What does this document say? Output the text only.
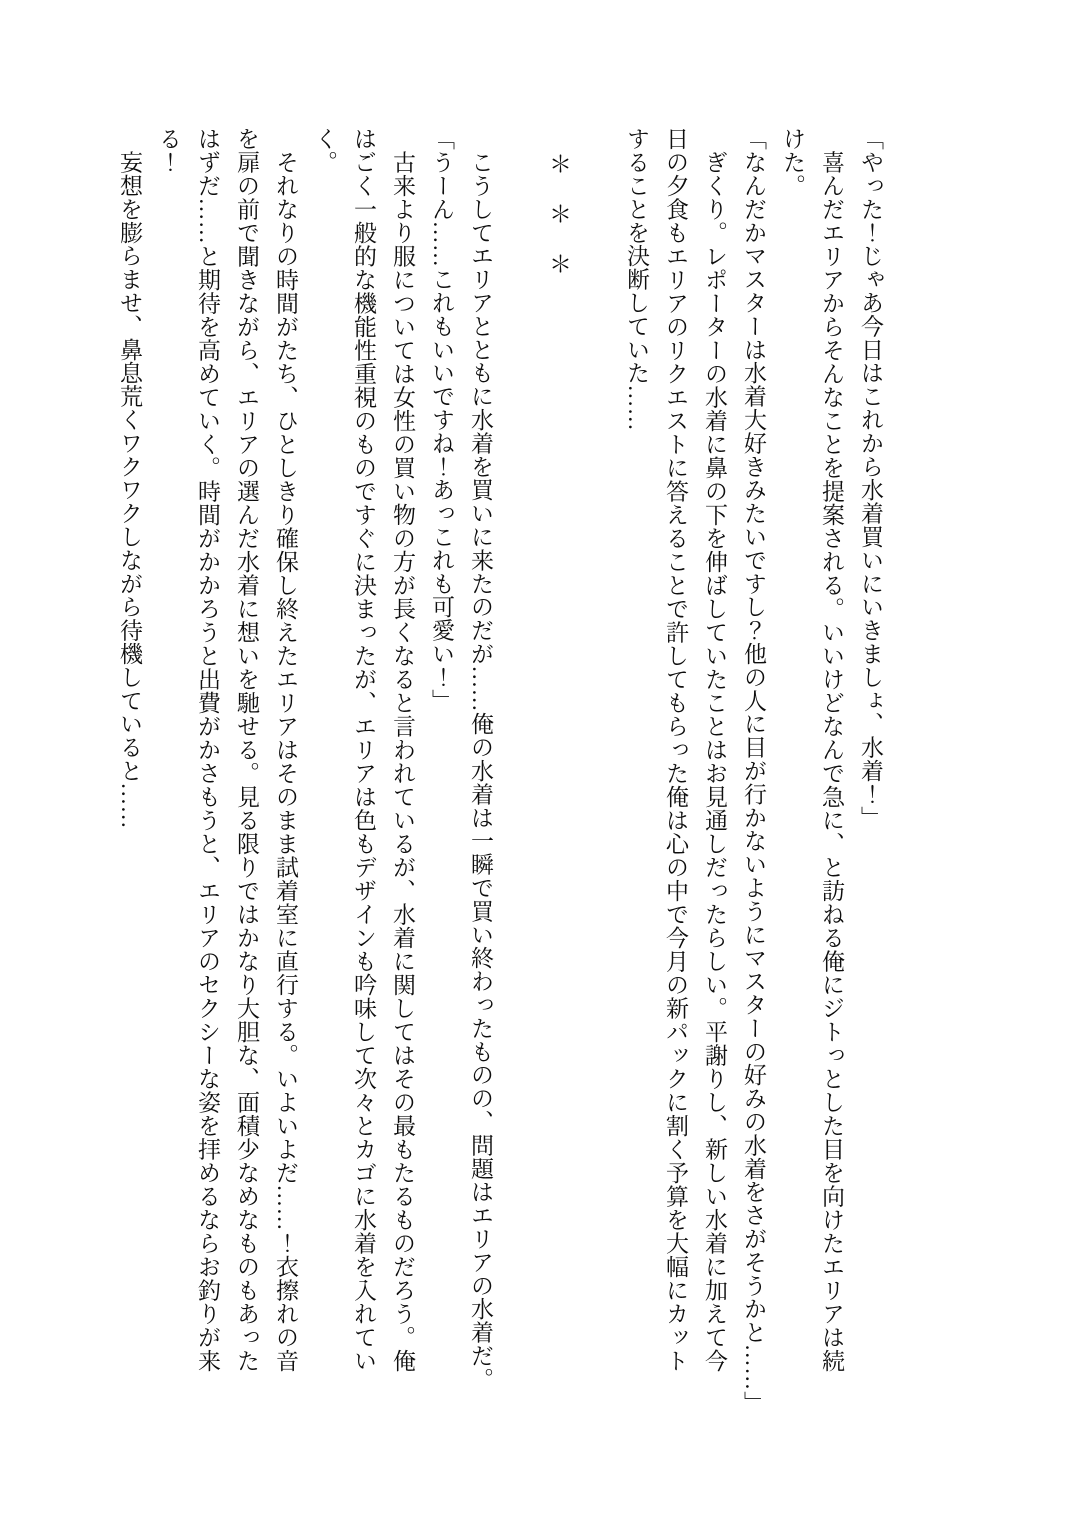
「やった！じゃあ今日はこれから水着買いにいきましょ、水着！」
　喜んだエリアからそんなことを提案される。いいけどなんで急に、と訪ねる俺にジトっとした目を向けたエリアは続
けた。
「なんだかマスターは水着大好きみたいですし？他の人に目が行かないようにマスターの好みの水着をさがそうかと……」
　ぎくり。レポーターの水着に鼻の下を伸ばしていたことはお見通しだったらしい。平謝りし、新しい水着に加えて今
日の夕食もエリアのリクエストに答えることで許してもらった俺は心の中で今月の新パックに割く予算を大幅にカット
することを決断していた……
　＊　＊　＊
　こうしてエリアとともに水着を買いに来たのだが……俺の水着は一瞬で買い終わったものの、問題はエリアの水着だ。
「うーん……これもいいですね！あっこれも可愛い！」
　古来より服については女性の買い物の方が長くなると言われているが、水着に関してはその最もたるものだろう。俺
はごく一般的な機能性重視のものですぐに決まったが、エリアは色もデザインも吟味して次々とカゴに水着を入れてい
く。
　それなりの時間がたち、ひとしきり確保し終えたエリアはそのまま試着室に直行する。いよいよだ……！衣擦れの音
を扉の前で聞きながら、エリアの選んだ水着に想いを馳せる。見る限りではかなり大胆な、面積少なめなものもあった
はずだ……と期待を高めていく。時間がかかろうと出費がかさもうと、エリアのセクシーな姿を拝めるならお釣りが来
る！
　妄想を膨らませ、鼻息荒くワクワクしながら待機していると……
